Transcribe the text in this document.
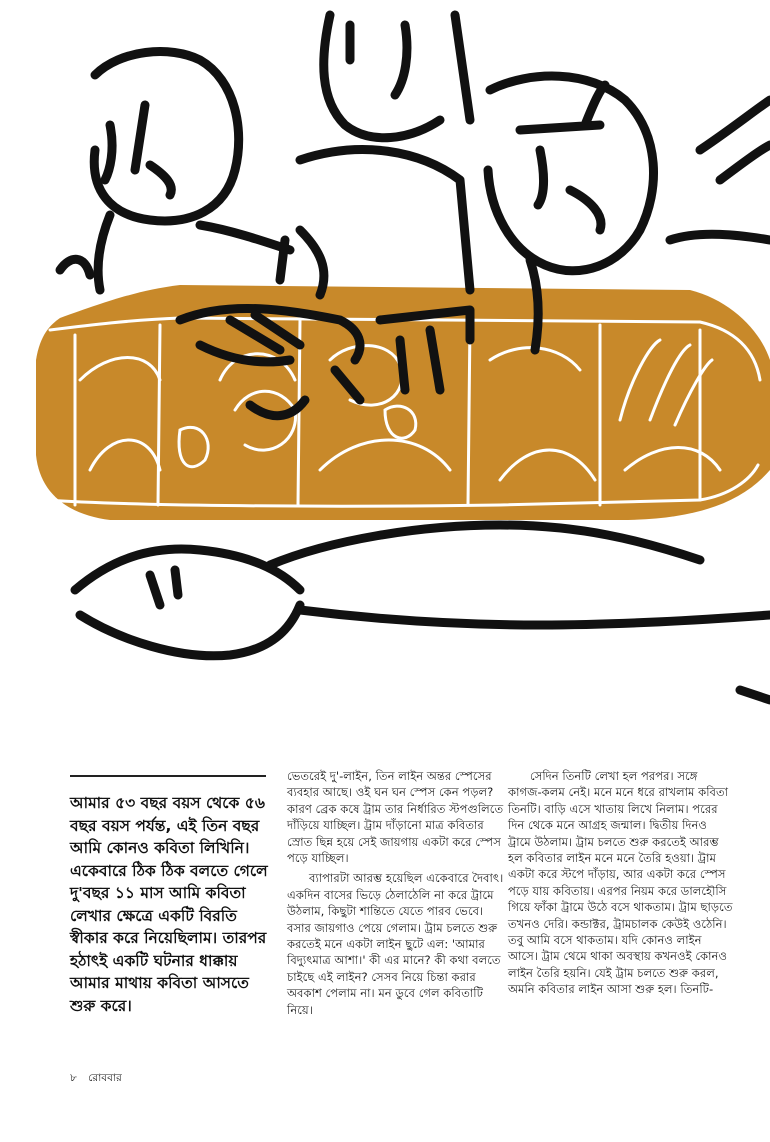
আমার ৫৩ বছর বয়স থেকে ৫৬ বছর বয়স পর্যন্ত, এই তিন বছর আমি কোনও কবিতা লিখিনি। একেবারে ঠিক ঠিক বলতে গেলে দু'বছর ১১ মাস আমি কবিতা লেখার ক্ষেত্রে একটি বিরতি স্বীকার করে নিয়েছিলাম। তারপর হঠাৎই একটি ঘটনার ধাক্কায় আমার মাথায় কবিতা আসতে শুরু করে।

ভেতরেই দু'-লাইন, তিন লাইন অন্তর স্পেসের ব্যবহার আছে। ওই ঘন ঘন স্পেস কেন পড়ল? কারণ ব্রেক কষে ট্রাম তার নির্ধারিত স্টপগুলিতে দাঁড়িয়ে যাচ্ছিল। ট্রাম দাঁড়ানো মাত্র কবিতার স্রোত ছিন্ন হয়ে সেই জায়গায় একটা করে স্পেস পড়ে যাচ্ছিল।

ব্যাপারটা আরম্ভ হয়েছিল একেবারে দৈবাৎ। একদিন বাসের ভিড়ে ঠেলাঠেলি না করে ট্রামে উঠলাম, কিছুটা শান্তিতে যেতে পারব ভেবে। বসার জায়গাও পেয়ে গেলাম। ট্রাম চলতে শুরু করতেই মনে একটা লাইন ছুটে এল: 'আমার বিদ্যুৎমাত্র আশা।' কী এর মানে? কী কথা বলতে চাইছে এই লাইন? সেসব নিয়ে চিন্তা করার অবকাশ পেলাম না। মন ডুবে গেল কবিতাটি নিয়ে।

সেদিন তিনটি লেখা হল পরপর। সঙ্গে কাগজ-কলম নেই। মনে মনে ধরে রাখলাম কবিতা তিনটি। বাড়ি এসে খাতায় লিখে নিলাম। পরের দিন থেকে মনে আগ্রহ জন্মাল। দ্বিতীয় দিনও ট্রামে উঠলাম। ট্রাম চলতে শুরু করতেই আরম্ভ হল কবিতার লাইন মনে মনে তৈরি হওয়া। ট্রাম একটা করে স্টপে দাঁড়ায়, আর একটা করে স্পেস পড়ে যায় কবিতায়। এরপর নিয়ম করে ডালহৌসি গিয়ে ফাঁকা ট্রামে উঠে বসে থাকতাম। ট্রাম ছাড়তে তখনও দেরি। কন্ডাক্টর, ট্রামচালক কেউই ওঠেনি। তবু আমি বসে থাকতাম। যদি কোনও লাইন আসে। ট্রাম থেমে থাকা অবস্থায় কখনওই কোনও লাইন তৈরি হয়নি। যেই ট্রাম চলতে শুরু করল, অমনি কবিতার লাইন আসা শুরু হল। তিনটি-

৮ রোববার
